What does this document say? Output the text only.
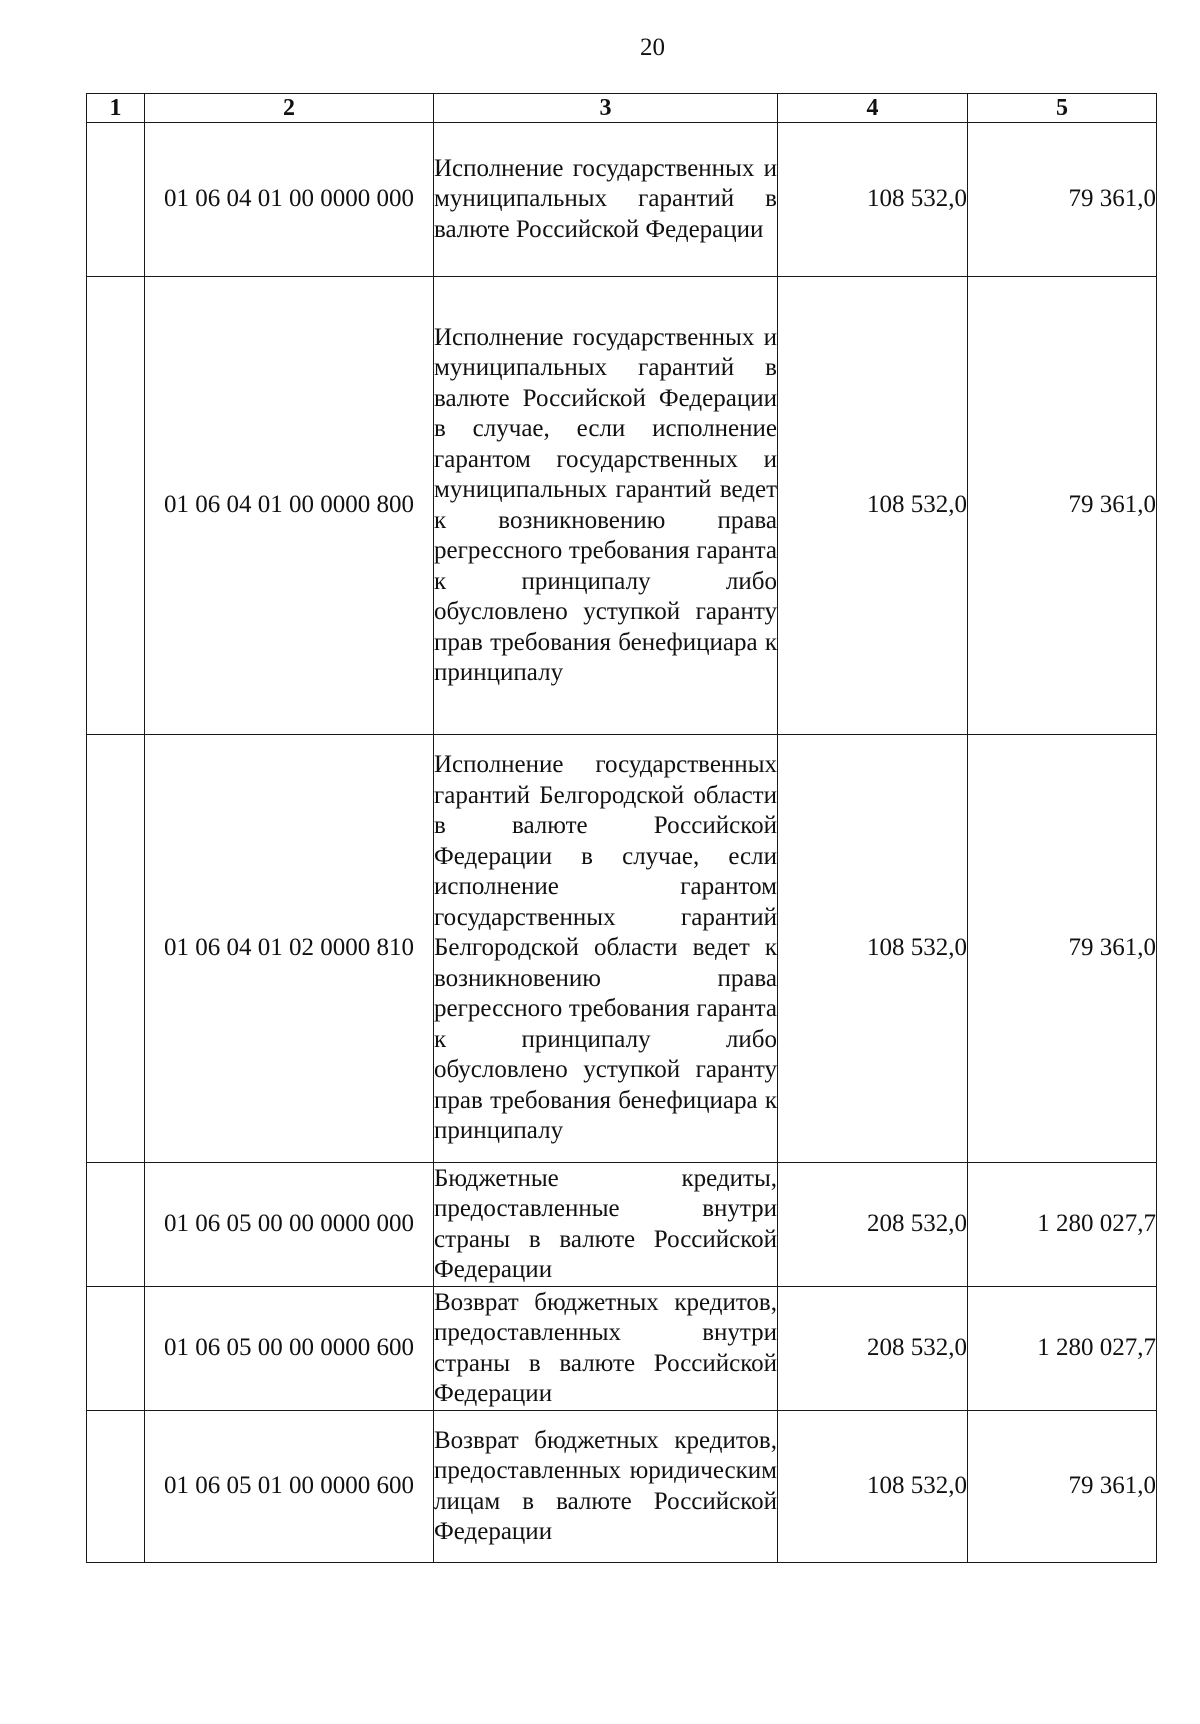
20
1	2	3	4	5
	01 06 04 01 00 0000 000	Исполнение государственных и муниципальных гарантий в валюте Российской Федерации	108 532,0	79 361,0
	01 06 04 01 00 0000 800	Исполнение государственных и муниципальных гарантий в валюте Российской Федерации в случае, если исполнение гарантом государственных и муниципальных гарантий ведет к возникновению права регрессного требования гаранта к принципалу либо обусловлено уступкой гаранту прав требования бенефициара к принципалу	108 532,0	79 361,0
	01 06 04 01 02 0000 810	Исполнение государственных гарантий Белгородской области в валюте Российской Федерации в случае, если исполнение гарантом государственных гарантий Белгородской области ведет к возникновению права регрессного требования гаранта к принципалу либо обусловлено уступкой гаранту прав требования бенефициара к принципалу	108 532,0	79 361,0
	01 06 05 00 00 0000 000	Бюджетные кредиты, предоставленные внутри страны в валюте Российской Федерации	208 532,0	1 280 027,7
	01 06 05 00 00 0000 600	Возврат бюджетных кредитов, предоставленных внутри страны в валюте Российской Федерации	208 532,0	1 280 027,7
	01 06 05 01 00 0000 600	Возврат бюджетных кредитов, предоставленных юридическим лицам в валюте Российской Федерации	108 532,0	79 361,0
